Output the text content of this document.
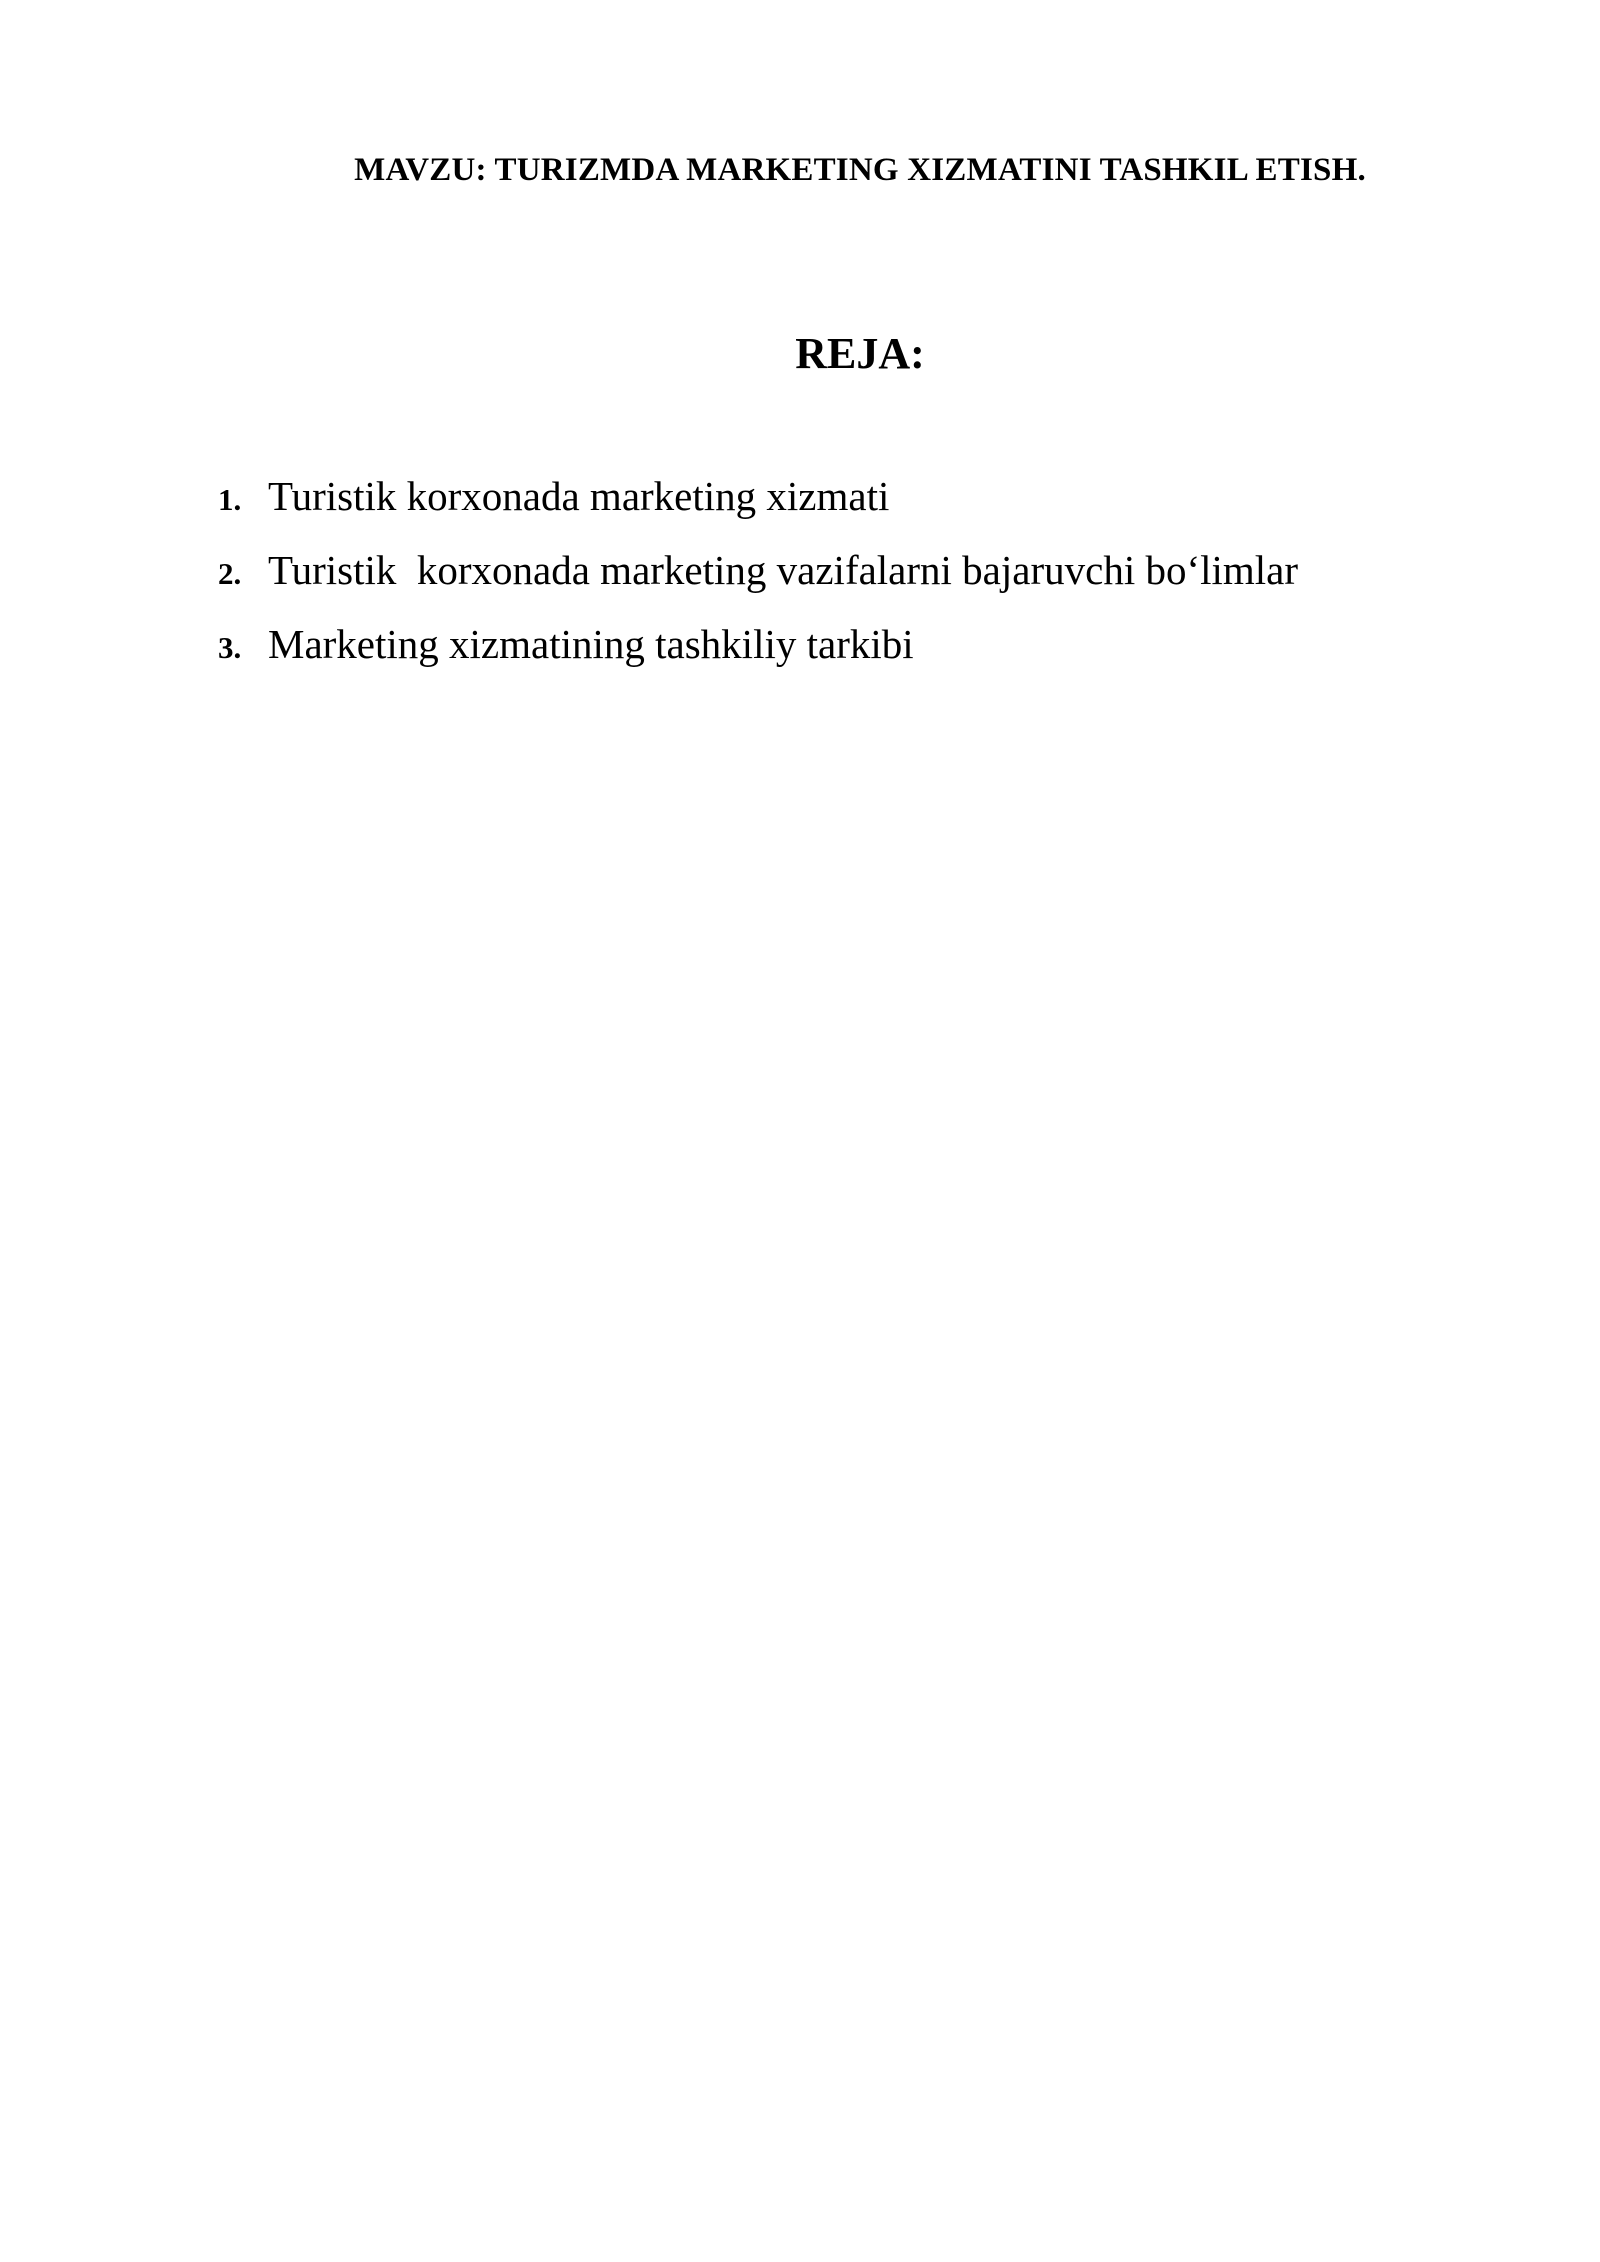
MAVZU: TURIZMDA MARKETING XIZMATINI TASHKIL ETISH.
REJA:
1. Turistik korxonada marketing xizmati
2. Turistik  korxonada marketing vazifalarni bajaruvchi bo‘limlar
3. Marketing xizmatining tashkiliy tarkibi
